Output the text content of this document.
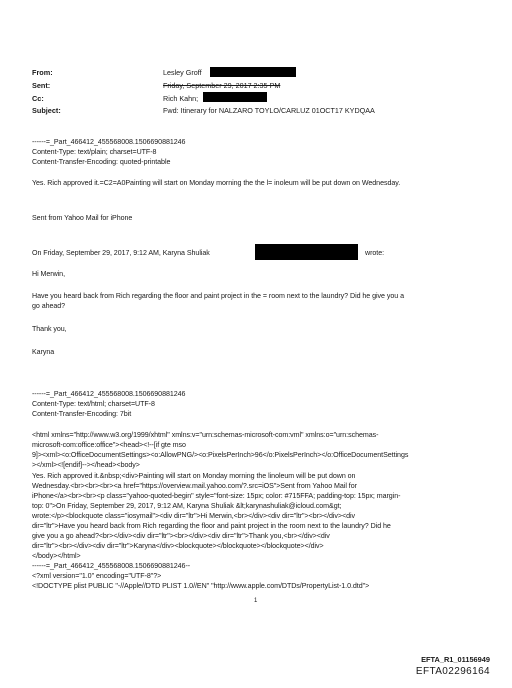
From:	Lesley Groff
Sent:	Friday, September 29, 2017 2:35 PM
Cc:	Rich Kahn;
Subject:	Fwd: Itinerary for NALZARO TOYLO/CARLUZ 01OCT17 KYDQAA
------=_Part_466412_455568008.1506690881246
Content-Type: text/plain; charset=UTF-8
Content-Transfer-Encoding: quoted-printable
Yes. Rich approved it.=C2=A0Painting will start on Monday morning the the l= inoleum will be put down on Wednesday.
Sent from Yahoo Mail for iPhone
On Friday, September 29, 2017, 9:12 AM, Karyna Shuliak	wrote:
Hi Merwin,
Have you heard back from Rich regarding the floor and paint project in the = room next to the laundry? Did he give you a
go ahead?
Thank you,
Karyna
------=_Part_466412_455568008.1506690881246
Content-Type: text/html; charset=UTF-8
Content-Transfer-Encoding: 7bit
<html xmlns="http://www.w3.org/1999/xhtml" xmlns:v="urn:schemas-microsoft-com:vml" xmlns:o="urn:schemas-
microsoft-com:office:office"><head><!--[if gte mso
9]><xml><o:OfficeDocumentSettings><o:AllowPNG/><o:PixelsPerInch>96</o:PixelsPerInch></o:OfficeDocumentSettings
></xml><![endif]--></head><body>
Yes. Rich approved it.&nbsp;<div>Painting will start on Monday morning the linoleum will be put down on
Wednesday.<br><br><br><a href="https://overview.mail.yahoo.com/?.src=iOS">Sent from Yahoo Mail for
iPhone</a><br><br><p class="yahoo-quoted-begin" style="font-size: 15px; color: #715FFA; padding-top: 15px; margin-
top: 0">On Friday, September 29, 2017, 9:12 AM, Karyna Shuliak &lt;karynashuliak@icloud.com&gt;
wrote:</p><blockquote class="iosymail"><div dir="ltr">Hi Merwin,<br></div><div dir="ltr"><br></div><div
dir="ltr">Have you heard back from Rich regarding the floor and paint project in the room next to the laundry? Did he
give you a go ahead?<br></div><div dir="ltr"><br></div><div dir="ltr">Thank you,<br></div><div
dir="ltr"><br></div><div dir="ltr">Karyna</div><blockquote></blockquote></blockquote></div>
</body></html>
------=_Part_466412_455568008.1506690881246--
<?xml version="1.0" encoding="UTF-8"?>
<!DOCTYPE plist PUBLIC "-//Apple//DTD PLIST 1.0//EN" "http://www.apple.com/DTDs/PropertyList-1.0.dtd">
1
EFTA_R1_01156949
EFTA02296164
